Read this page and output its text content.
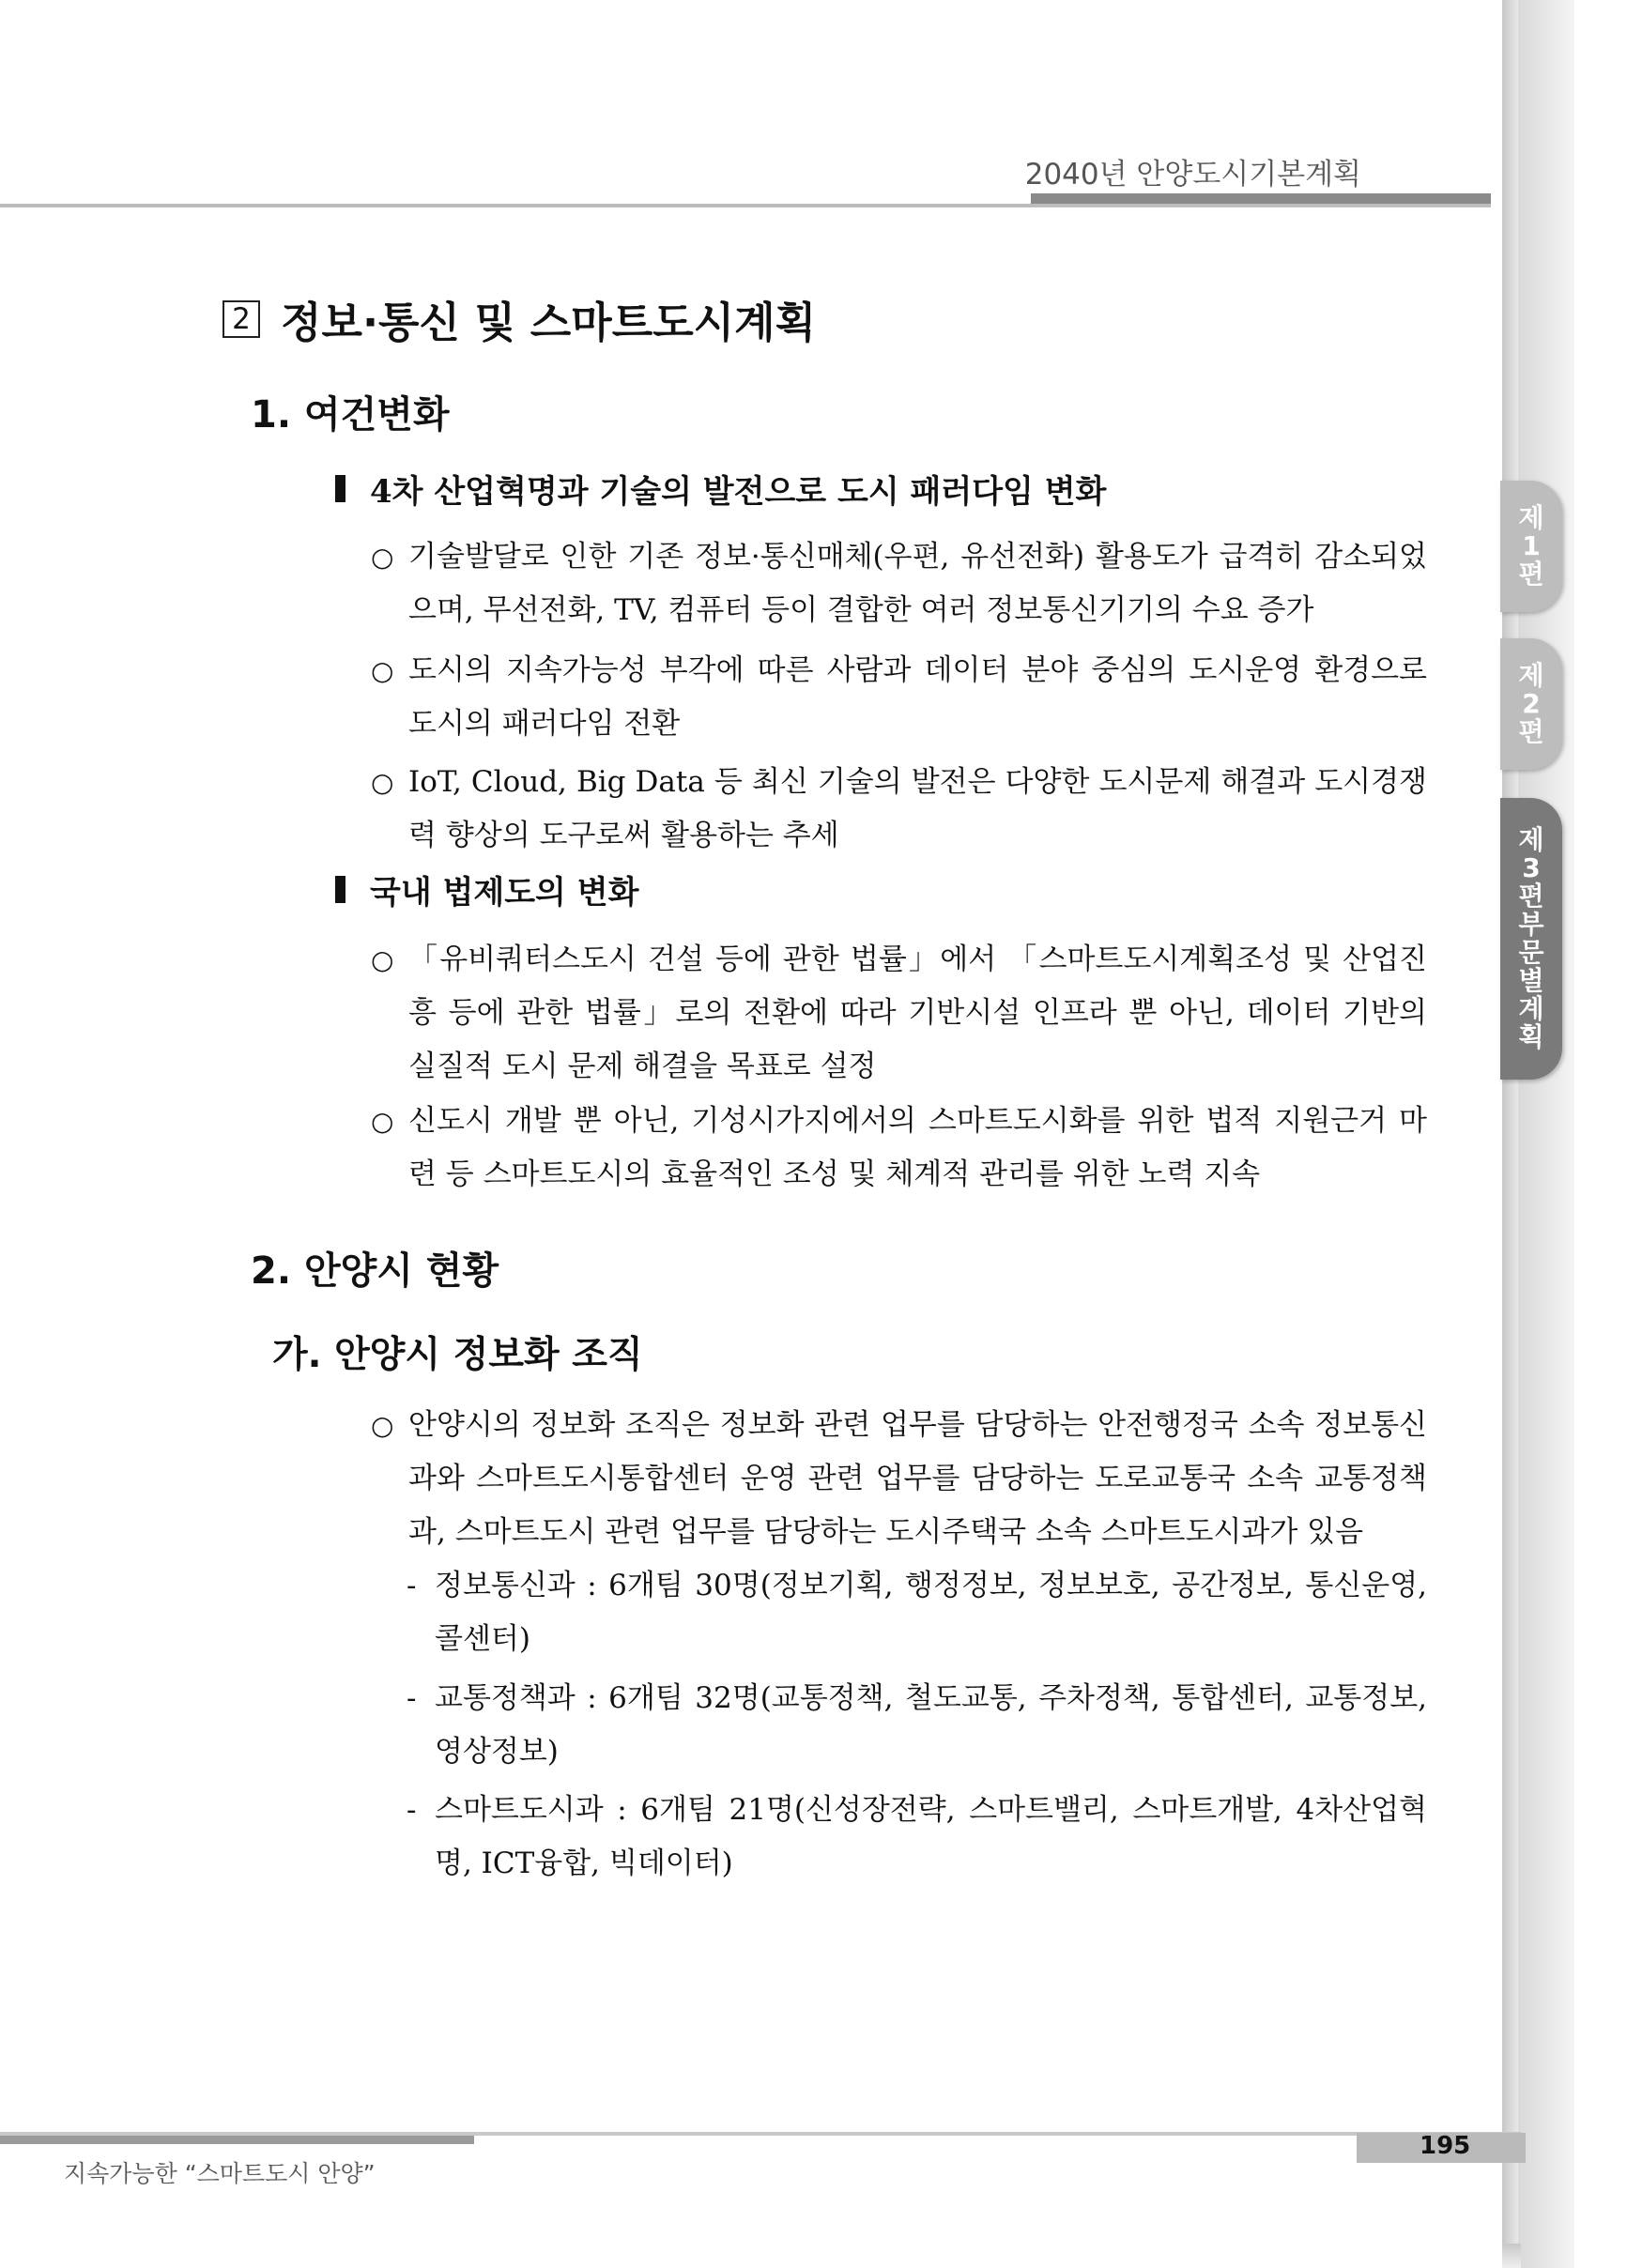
2040년 안양도시기본계획
2 정보·통신 및 스마트도시계획
1. 여건변화
4차 산업혁명과 기술의 발전으로 도시 패러다임 변화
○ 기술발달로 인한 기존 정보·통신매체(우편, 유선전화) 활용도가 급격히 감소되었으며, 무선전화, TV, 컴퓨터 등이 결합한 여러 정보통신기기의 수요 증가
○ 도시의 지속가능성 부각에 따른 사람과 데이터 분야 중심의 도시운영 환경으로 도시의 패러다임 전환
○ IoT, Cloud, Big Data 등 최신 기술의 발전은 다양한 도시문제 해결과 도시경쟁력 향상의 도구로써 활용하는 추세
국내 법제도의 변화
○ 「유비쿼터스도시 건설 등에 관한 법률」에서 「스마트도시계획조성 및 산업진흥 등에 관한 법률」로의 전환에 따라 기반시설 인프라 뿐 아닌, 데이터 기반의 실질적 도시 문제 해결을 목표로 설정
○ 신도시 개발 뿐 아닌, 기성시가지에서의 스마트도시화를 위한 법적 지원근거 마련 등 스마트도시의 효율적인 조성 및 체계적 관리를 위한 노력 지속
2. 안양시 현황
가. 안양시 정보화 조직
○ 안양시의 정보화 조직은 정보화 관련 업무를 담당하는 안전행정국 소속 정보통신과와 스마트도시통합센터 운영 관련 업무를 담당하는 도로교통국 소속 교통정책과, 스마트도시 관련 업무를 담당하는 도시주택국 소속 스마트도시과가 있음
- 정보통신과 : 6개팀 30명(정보기획, 행정정보, 정보보호, 공간정보, 통신운영, 콜센터)
- 교통정책과 : 6개팀 32명(교통정책, 철도교통, 주차정책, 통합센터, 교통정보, 영상정보)
- 스마트도시과 : 6개팀 21명(신성장전략, 스마트밸리, 스마트개발, 4차산업혁명, ICT융합, 빅데이터)
195
지속가능한 “스마트도시 안양”
제
1
편
제
2
편
제
3
편
부
문
별
계
획
